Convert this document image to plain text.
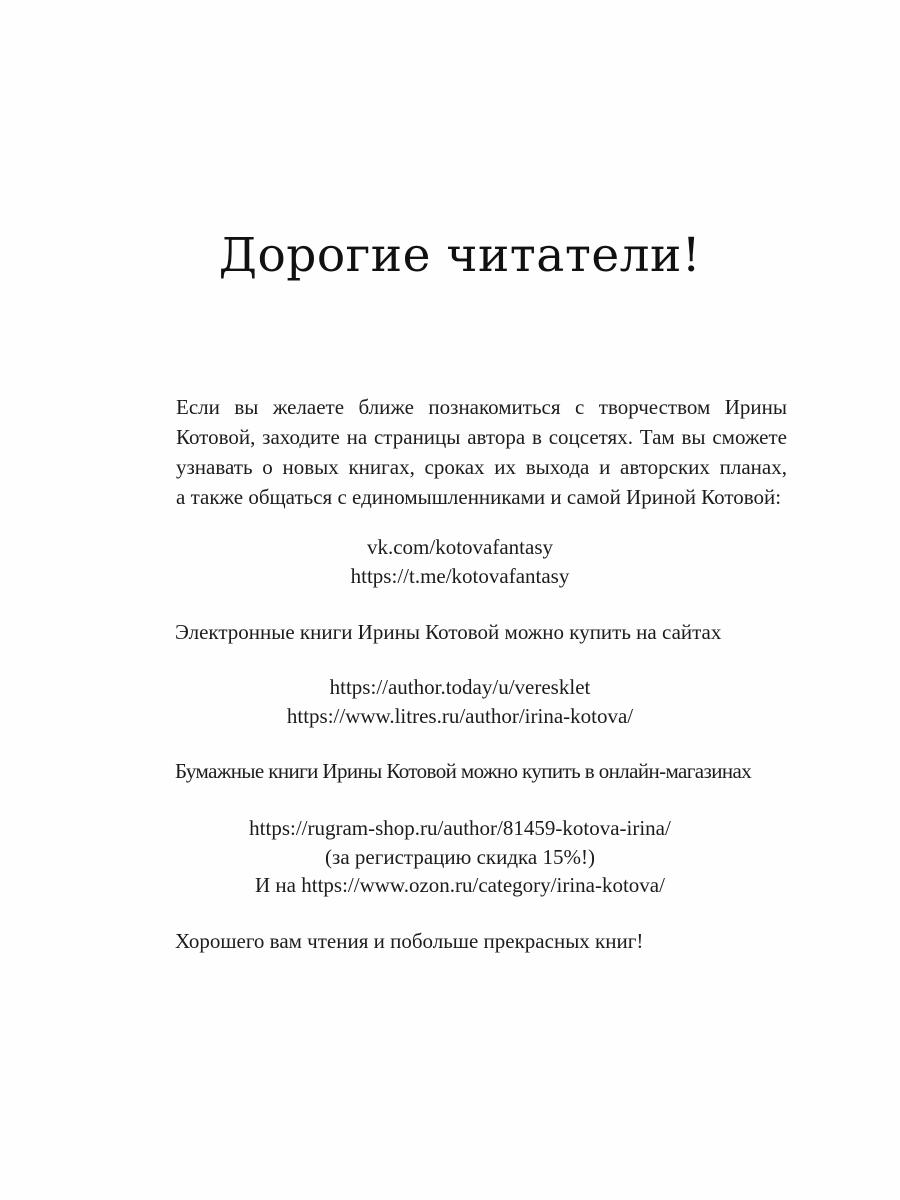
Дорогие читатели!
Если вы желаете ближе познакомиться с творчеством Ирины
Котовой, заходите на страницы автора в соцсетях. Там вы сможете
узнавать о новых книгах, сроках их выхода и авторских планах,
а также общаться с единомышленниками и самой Ириной Котовой:
vk.com/kotovafantasy
https://t.me/kotovafantasy
Электронные книги Ирины Котовой можно купить на сайтах
https://author.today/u/veresklet
https://www.litres.ru/author/irina-kotova/
Бумажные книги Ирины Котовой можно купить в онлайн-магазинах
https://rugram-shop.ru/author/81459-kotova-irina/
(за регистрацию скидка 15%!)
И на https://www.ozon.ru/category/irina-kotova/
Хорошего вам чтения и побольше прекрасных книг!
